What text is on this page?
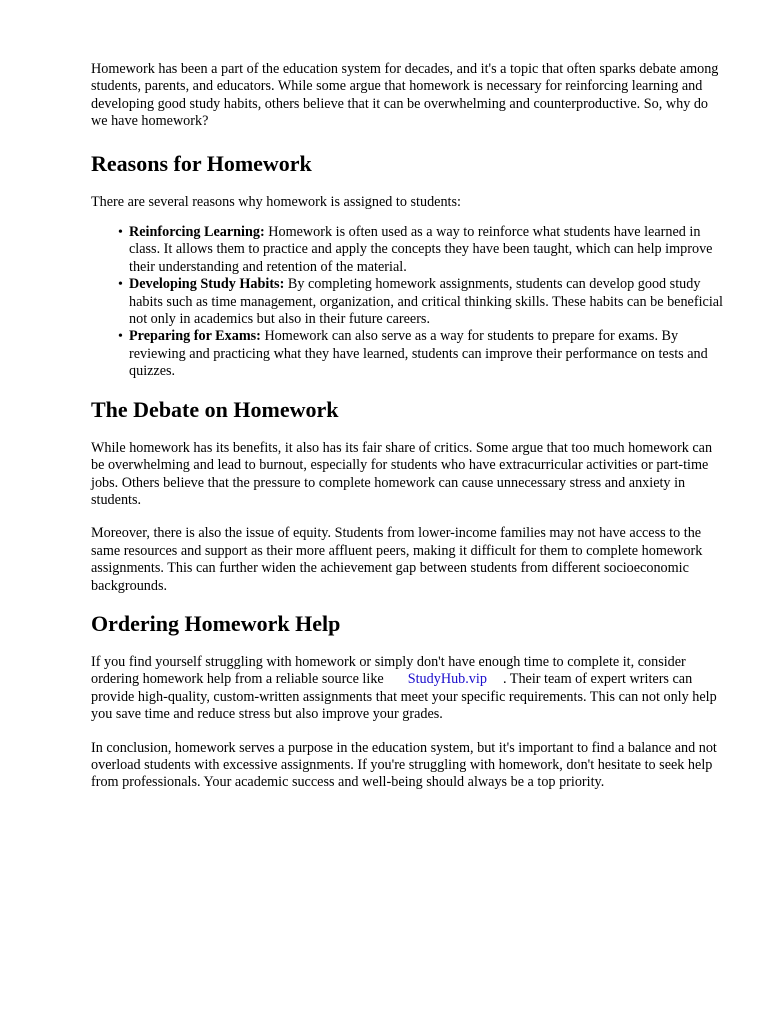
Homework has been a part of the education system for decades, and it's a topic that often sparks debate among students, parents, and educators. While some argue that homework is necessary for reinforcing learning and developing good study habits, others believe that it can be overwhelming and counterproductive. So, why do we have homework?

Reasons for Homework

There are several reasons why homework is assigned to students:

• Reinforcing Learning: Homework is often used as a way to reinforce what students have learned in class. It allows them to practice and apply the concepts they have been taught, which can help improve their understanding and retention of the material.
• Developing Study Habits: By completing homework assignments, students can develop good study habits such as time management, organization, and critical thinking skills. These habits can be beneficial not only in academics but also in their future careers.
• Preparing for Exams: Homework can also serve as a way for students to prepare for exams. By reviewing and practicing what they have learned, students can improve their performance on tests and quizzes.
The Debate on Homework

While homework has its benefits, it also has its fair share of critics. Some argue that too much homework can be overwhelming and lead to burnout, especially for students who have extracurricular activities or part-time jobs. Others believe that the pressure to complete homework can cause unnecessary stress and anxiety in students.

Moreover, there is also the issue of equity. Students from lower-income families may not have access to the same resources and support as their more affluent peers, making it difficult for them to complete homework assignments. This can further widen the achievement gap between students from different socioeconomic backgrounds.

Ordering Homework Help

If you find yourself struggling with homework or simply don't have enough time to complete it, consider ordering homework help from a reliable source like StudyHub.vip . Their team of expert writers can provide high-quality, custom-written assignments that meet your specific requirements. This can not only help you save time and reduce stress but also improve your grades.

In conclusion, homework serves a purpose in the education system, but it's important to find a balance and not overload students with excessive assignments. If you're struggling with homework, don't hesitate to seek help from professionals. Your academic success and well-being should always be a top priority.
